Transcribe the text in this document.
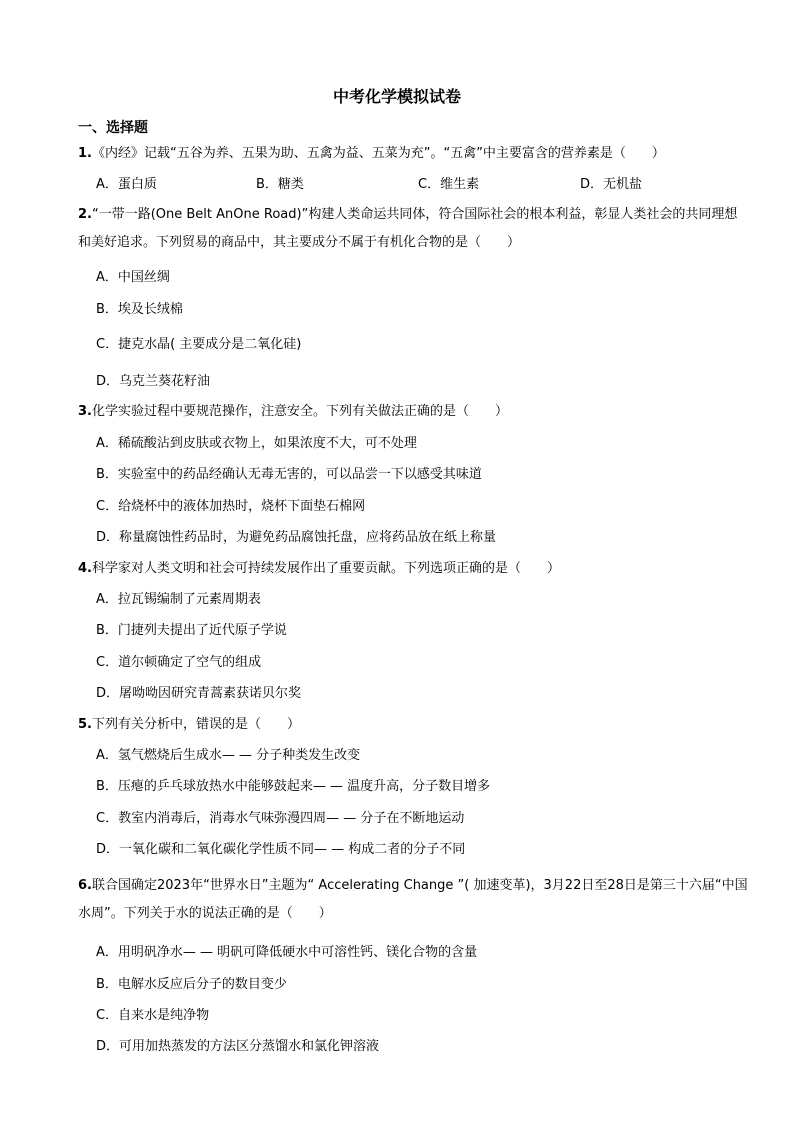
中考化学模拟试卷
一、选择题
1.《内经》记载“五谷为养、五果为助、五禽为益、五菜为充”。“五禽”中主要富含的营养素是（　　）
A．蛋白质	B．糖类	C．维生素	D．无机盐
2.“一带一路(One Belt AnOne Road)”构建人类命运共同体，符合国际社会的根本利益，彰显人类社会的共同理想和美好追求。下列贸易的商品中，其主要成分不属于有机化合物的是（　　）
A．中国丝绸
B．埃及长绒棉
C．捷克水晶( 主要成分是二氧化硅)
D．乌克兰葵花籽油
3.化学实验过程中要规范操作，注意安全。下列有关做法正确的是（　　）
A．稀硫酸沾到皮肤或衣物上，如果浓度不大，可不处理
B．实验室中的药品经确认无毒无害的，可以品尝一下以感受其味道
C．给烧杯中的液体加热时，烧杯下面垫石棉网
D．称量腐蚀性药品时，为避免药品腐蚀托盘，应将药品放在纸上称量
4.科学家对人类文明和社会可持续发展作出了重要贡献。下列选项正确的是（　　）
A．拉瓦锡编制了元素周期表
B．门捷列夫提出了近代原子学说
C．道尔顿确定了空气的组成
D．屠呦呦因研究青蒿素获诺贝尔奖
5.下列有关分析中，错误的是（　　）
A．氢气燃烧后生成水— — 分子种类发生改变
B．压瘪的乒乓球放热水中能够鼓起来— — 温度升高，分子数目增多
C．教室内消毒后，消毒水气味弥漫四周— — 分子在不断地运动
D．一氧化碳和二氧化碳化学性质不同— — 构成二者的分子不同
6.联合国确定2023年“世界水日”主题为“ Accelerating Change ”( 加速变革)，3月22日至28日是第三十六届“中国水周”。下列关于水的说法正确的是（　　）
A．用明矾净水— — 明矾可降低硬水中可溶性钙、镁化合物的含量
B．电解水反应后分子的数目变少
C．自来水是纯净物
D．可用加热蒸发的方法区分蒸馏水和氯化钾溶液
